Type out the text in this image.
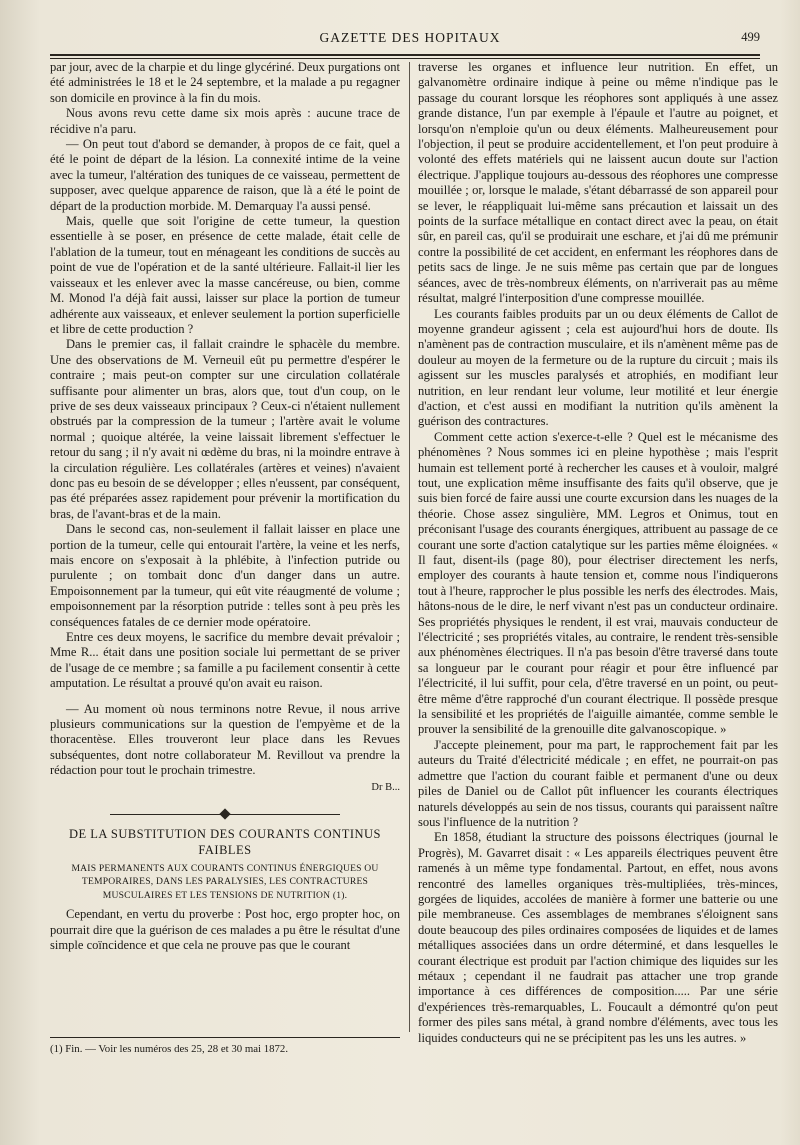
GAZETTE DES HOPITAUX	499

par jour, avec de la charpie et du linge glycériné. Deux purgations ont été administrées le 18 et le 24 septembre, et la malade a pu regagner son domicile en province à la fin du mois.

Nous avons revu cette dame six mois après : aucune trace de récidive n'a paru.

— On peut tout d'abord se demander, à propos de ce fait, quel a été le point de départ de la lésion. La connexité intime de la veine avec la tumeur, l'altération des tuniques de ce vaisseau, permettent de supposer, avec quelque apparence de raison, que là a été le point de départ de la production morbide. M. Demarquay l'a aussi pensé.

Mais, quelle que soit l'origine de cette tumeur, la question essentielle à se poser, en présence de cette malade, était celle de l'ablation de la tumeur, tout en ménageant les conditions de succès au point de vue de l'opération et de la santé ultérieure. Fallait-il lier les vaisseaux et les enlever avec la masse cancéreuse, ou bien, comme M. Monod l'a déjà fait aussi, laisser sur place la portion de tumeur adhérente aux vaisseaux, et enlever seulement la portion superficielle et libre de cette production ?

Dans le premier cas, il fallait craindre le sphacèle du membre. Une des observations de M. Verneuil eût pu permettre d'espérer le contraire ; mais peut-on compter sur une circulation collatérale suffisante pour alimenter un bras, alors que, tout d'un coup, on le prive de ses deux vaisseaux principaux ? Ceux-ci n'étaient nullement obstrués par la compression de la tumeur ; l'artère avait le volume normal ; quoique altérée, la veine laissait librement s'effectuer le retour du sang ; il n'y avait ni œdème du bras, ni la moindre entrave à la circulation régulière. Les collatérales (artères et veines) n'avaient donc pas eu besoin de se développer ; elles n'eussent, par conséquent, pas été préparées assez rapidement pour prévenir la mortification du bras, de l'avant-bras et de la main.

Dans le second cas, non-seulement il fallait laisser en place une portion de la tumeur, celle qui entourait l'artère, la veine et les nerfs, mais encore on s'exposait à la phlébite, à l'infection putride ou purulente ; on tombait donc d'un danger dans un autre. Empoisonnement par la tumeur, qui eût vite réaugmenté de volume ; empoisonnement par la résorption putride : telles sont à peu près les conséquences fatales de ce dernier mode opératoire.

Entre ces deux moyens, le sacrifice du membre devait prévaloir ; Mme R... était dans une position sociale lui permettant de se priver de l'usage de ce membre ; sa famille a pu facilement consentir à cette amputation. Le résultat a prouvé qu'on avait eu raison.

— Au moment où nous terminons notre Revue, il nous arrive plusieurs communications sur la question de l'empyème et de la thoracentèse. Elles trouveront leur place dans les Revues subséquentes, dont notre collaborateur M. Revillout va prendre la rédaction pour tout le prochain trimestre.

Dr B...
DE LA SUBSTITUTION DES COURANTS CONTINUS FAIBLES
MAIS PERMANENTS AUX COURANTS CONTINUS ÉNERGIQUES OU TEMPORAIRES, DANS LES PARALYSIES, LES CONTRACTURES MUSCULAIRES ET LES TENSIONS DE NUTRITION (1).

Cependant, en vertu du proverbe : Post hoc, ergo propter hoc, on pourrait dire que la guérison de ces malades a pu être le résultat d'une simple coïncidence et que cela ne prouve pas que le courant

traverse les organes et influence leur nutrition. En effet, un galvanomètre ordinaire indique à peine ou même n'indique pas le passage du courant lorsque les réophores sont appliqués à une assez grande distance, l'un par exemple à l'épaule et l'autre au poignet, et lorsqu'on n'emploie qu'un ou deux éléments. Malheureusement pour l'objection, il peut se produire accidentellement, et l'on peut produire à volonté des effets matériels qui ne laissent aucun doute sur l'action électrique. J'applique toujours au-dessous des réophores une compresse mouillée ; or, lorsque le malade, s'étant débarrassé de son appareil pour se lever, le réappliquait lui-même sans précaution et laissait un des points de la surface métallique en contact direct avec la peau, on était sûr, en pareil cas, qu'il se produirait une eschare, et j'ai dû me prémunir contre la possibilité de cet accident, en enfermant les réophores dans de petits sacs de linge. Je ne suis même pas certain que par de longues séances, avec de très-nombreux éléments, on n'arriverait pas au même résultat, malgré l'interposition d'une compresse mouillée.

Les courants faibles produits par un ou deux éléments de Callot de moyenne grandeur agissent ; cela est aujourd'hui hors de doute. Ils n'amènent pas de contraction musculaire, et ils n'amènent même pas de douleur au moyen de la fermeture ou de la rupture du circuit ; mais ils agissent sur les muscles paralysés et atrophiés, en modifiant leur nutrition, en leur rendant leur volume, leur motilité et leur énergie d'action, et c'est aussi en modifiant la nutrition qu'ils amènent la guérison des contractures.

Comment cette action s'exerce-t-elle ? Quel est le mécanisme des phénomènes ? Nous sommes ici en pleine hypothèse ; mais l'esprit humain est tellement porté à rechercher les causes et à vouloir, malgré tout, une explication même insuffisante des faits qu'il observe, que je suis bien forcé de faire aussi une courte excursion dans les nuages de la théorie. Chose assez singulière, MM. Legros et Onimus, tout en préconisant l'usage des courants énergiques, attribuent au passage de ce courant une sorte d'action catalytique sur les parties même éloignées. « Il faut, disent-ils (page 80), pour électriser directement les nerfs, employer des courants à haute tension et, comme nous l'indiquerons tout à l'heure, rapprocher le plus possible les nerfs des électrodes. Mais, hâtons-nous de le dire, le nerf vivant n'est pas un conducteur ordinaire. Ses propriétés physiques le rendent, il est vrai, mauvais conducteur de l'électricité ; ses propriétés vitales, au contraire, le rendent très-sensible aux phénomènes électriques. Il n'a pas besoin d'être traversé dans toute sa longueur par le courant pour réagir et pour être influencé par l'électricité, il lui suffit, pour cela, d'être traversé en un point, ou peut-être même d'être rapproché d'un courant électrique. Il possède presque la sensibilité et les propriétés de l'aiguille aimantée, comme semble le prouver la sensibilité de la grenouille dite galvanoscopique. »

J'accepte pleinement, pour ma part, le rapprochement fait par les auteurs du Traité d'électricité médicale ; en effet, ne pourrait-on pas admettre que l'action du courant faible et permanent d'une ou deux piles de Daniel ou de Callot pût influencer les courants électriques naturels développés au sein de nos tissus, courants qui paraissent naître sous l'influence de la nutrition ?

En 1858, étudiant la structure des poissons électriques (journal le Progrès), M. Gavarret disait : « Les appareils électriques peuvent être ramenés à un même type fondamental. Partout, en effet, nous avons rencontré des lamelles organiques très-multipliées, très-minces, gorgées de liquides, accolées de manière à former une batterie ou une pile membraneuse. Ces assemblages de membranes s'éloignent sans doute beaucoup des piles ordinaires composées de liquides et de lames métalliques associées dans un ordre déterminé, et dans lesquelles le courant électrique est produit par l'action chimique des liquides sur les métaux ; cependant il ne faudrait pas attacher une trop grande importance à ces différences de composition..... Par une série d'expériences très-remarquables, L. Foucault a démontré qu'on peut former des piles sans métal, à grand nombre d'éléments, avec tous les liquides conducteurs qui ne se précipitent pas les uns les autres. »

(1) Fin. — Voir les numéros des 25, 28 et 30 mai 1872.
